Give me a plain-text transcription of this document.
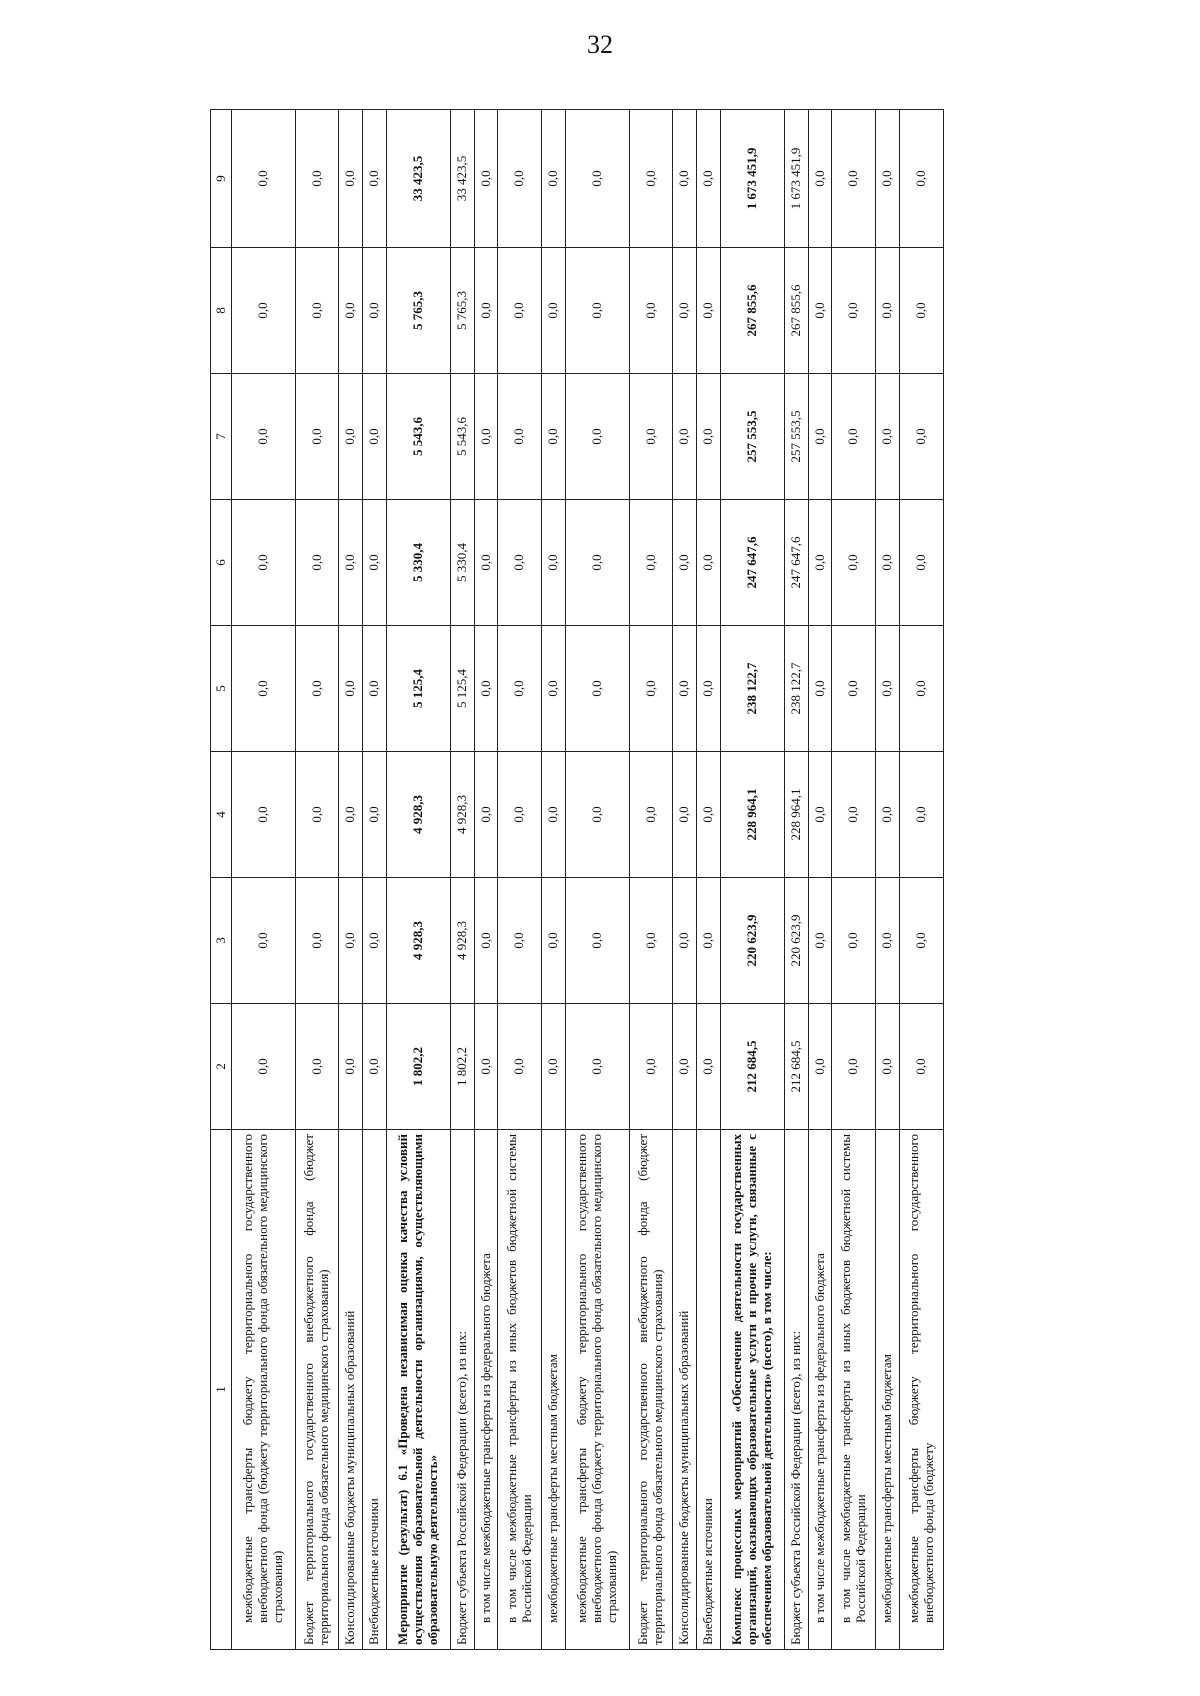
32
1	2	3	4	5	6	7	8	9
межбюджетные трансферты бюджету территориального государственного внебюджетного фонда (бюджету территориального фонда обязательного медицинского страхования)	0,0	0,0	0,0	0,0	0,0	0,0	0,0	0,0
Бюджет территориального государственного внебюджетного фонда (бюджет территориального фонда обязательного медицинского страхования)	0,0	0,0	0,0	0,0	0,0	0,0	0,0	0,0
Консолидированные бюджеты муниципальных образований	0,0	0,0	0,0	0,0	0,0	0,0	0,0	0,0
Внебюджетные источники	0,0	0,0	0,0	0,0	0,0	0,0	0,0	0,0
Мероприятие (результат) 6.1 «Проведена независимая оценка качества условий осуществления образовательной деятельности организациями, осуществляющими образовательную деятельность»	1 802,2	4 928,3	4 928,3	5 125,4	5 330,4	5 543,6	5 765,3	33 423,5
Бюджет субъекта Российской Федерации (всего), из них:	1 802,2	4 928,3	4 928,3	5 125,4	5 330,4	5 543,6	5 765,3	33 423,5
в том числе межбюджетные трансферты из федерального бюджета	0,0	0,0	0,0	0,0	0,0	0,0	0,0	0,0
в том числе межбюджетные трансферты из иных бюджетов бюджетной системы Российской Федерации	0,0	0,0	0,0	0,0	0,0	0,0	0,0	0,0
межбюджетные трансферты местным бюджетам	0,0	0,0	0,0	0,0	0,0	0,0	0,0	0,0
межбюджетные трансферты бюджету территориального государственного внебюджетного фонда (бюджету территориального фонда обязательного медицинского страхования)	0,0	0,0	0,0	0,0	0,0	0,0	0,0	0,0
Бюджет территориального государственного внебюджетного фонда (бюджет территориального фонда обязательного медицинского страхования)	0,0	0,0	0,0	0,0	0,0	0,0	0,0	0,0
Консолидированные бюджеты муниципальных образований	0,0	0,0	0,0	0,0	0,0	0,0	0,0	0,0
Внебюджетные источники	0,0	0,0	0,0	0,0	0,0	0,0	0,0	0,0
Комплекс процессных мероприятий «Обеспечение деятельности государственных организаций, оказывающих образовательные услуги и прочие услуги, связанные с обеспечением образовательной деятельности» (всего), в том числе:	212 684,5	220 623,9	228 964,1	238 122,7	247 647,6	257 553,5	267 855,6	1 673 451,9
Бюджет субъекта Российской Федерации (всего), из них:	212 684,5	220 623,9	228 964,1	238 122,7	247 647,6	257 553,5	267 855,6	1 673 451,9
в том числе межбюджетные трансферты из федерального бюджета	0,0	0,0	0,0	0,0	0,0	0,0	0,0	0,0
в том числе межбюджетные трансферты из иных бюджетов бюджетной системы Российской Федерации	0,0	0,0	0,0	0,0	0,0	0,0	0,0	0,0
межбюджетные трансферты местным бюджетам	0,0	0,0	0,0	0,0	0,0	0,0	0,0	0,0
межбюджетные трансферты бюджету территориального государственного внебюджетного фонда (бюджету	0,0	0,0	0,0	0,0	0,0	0,0	0,0	0,0
